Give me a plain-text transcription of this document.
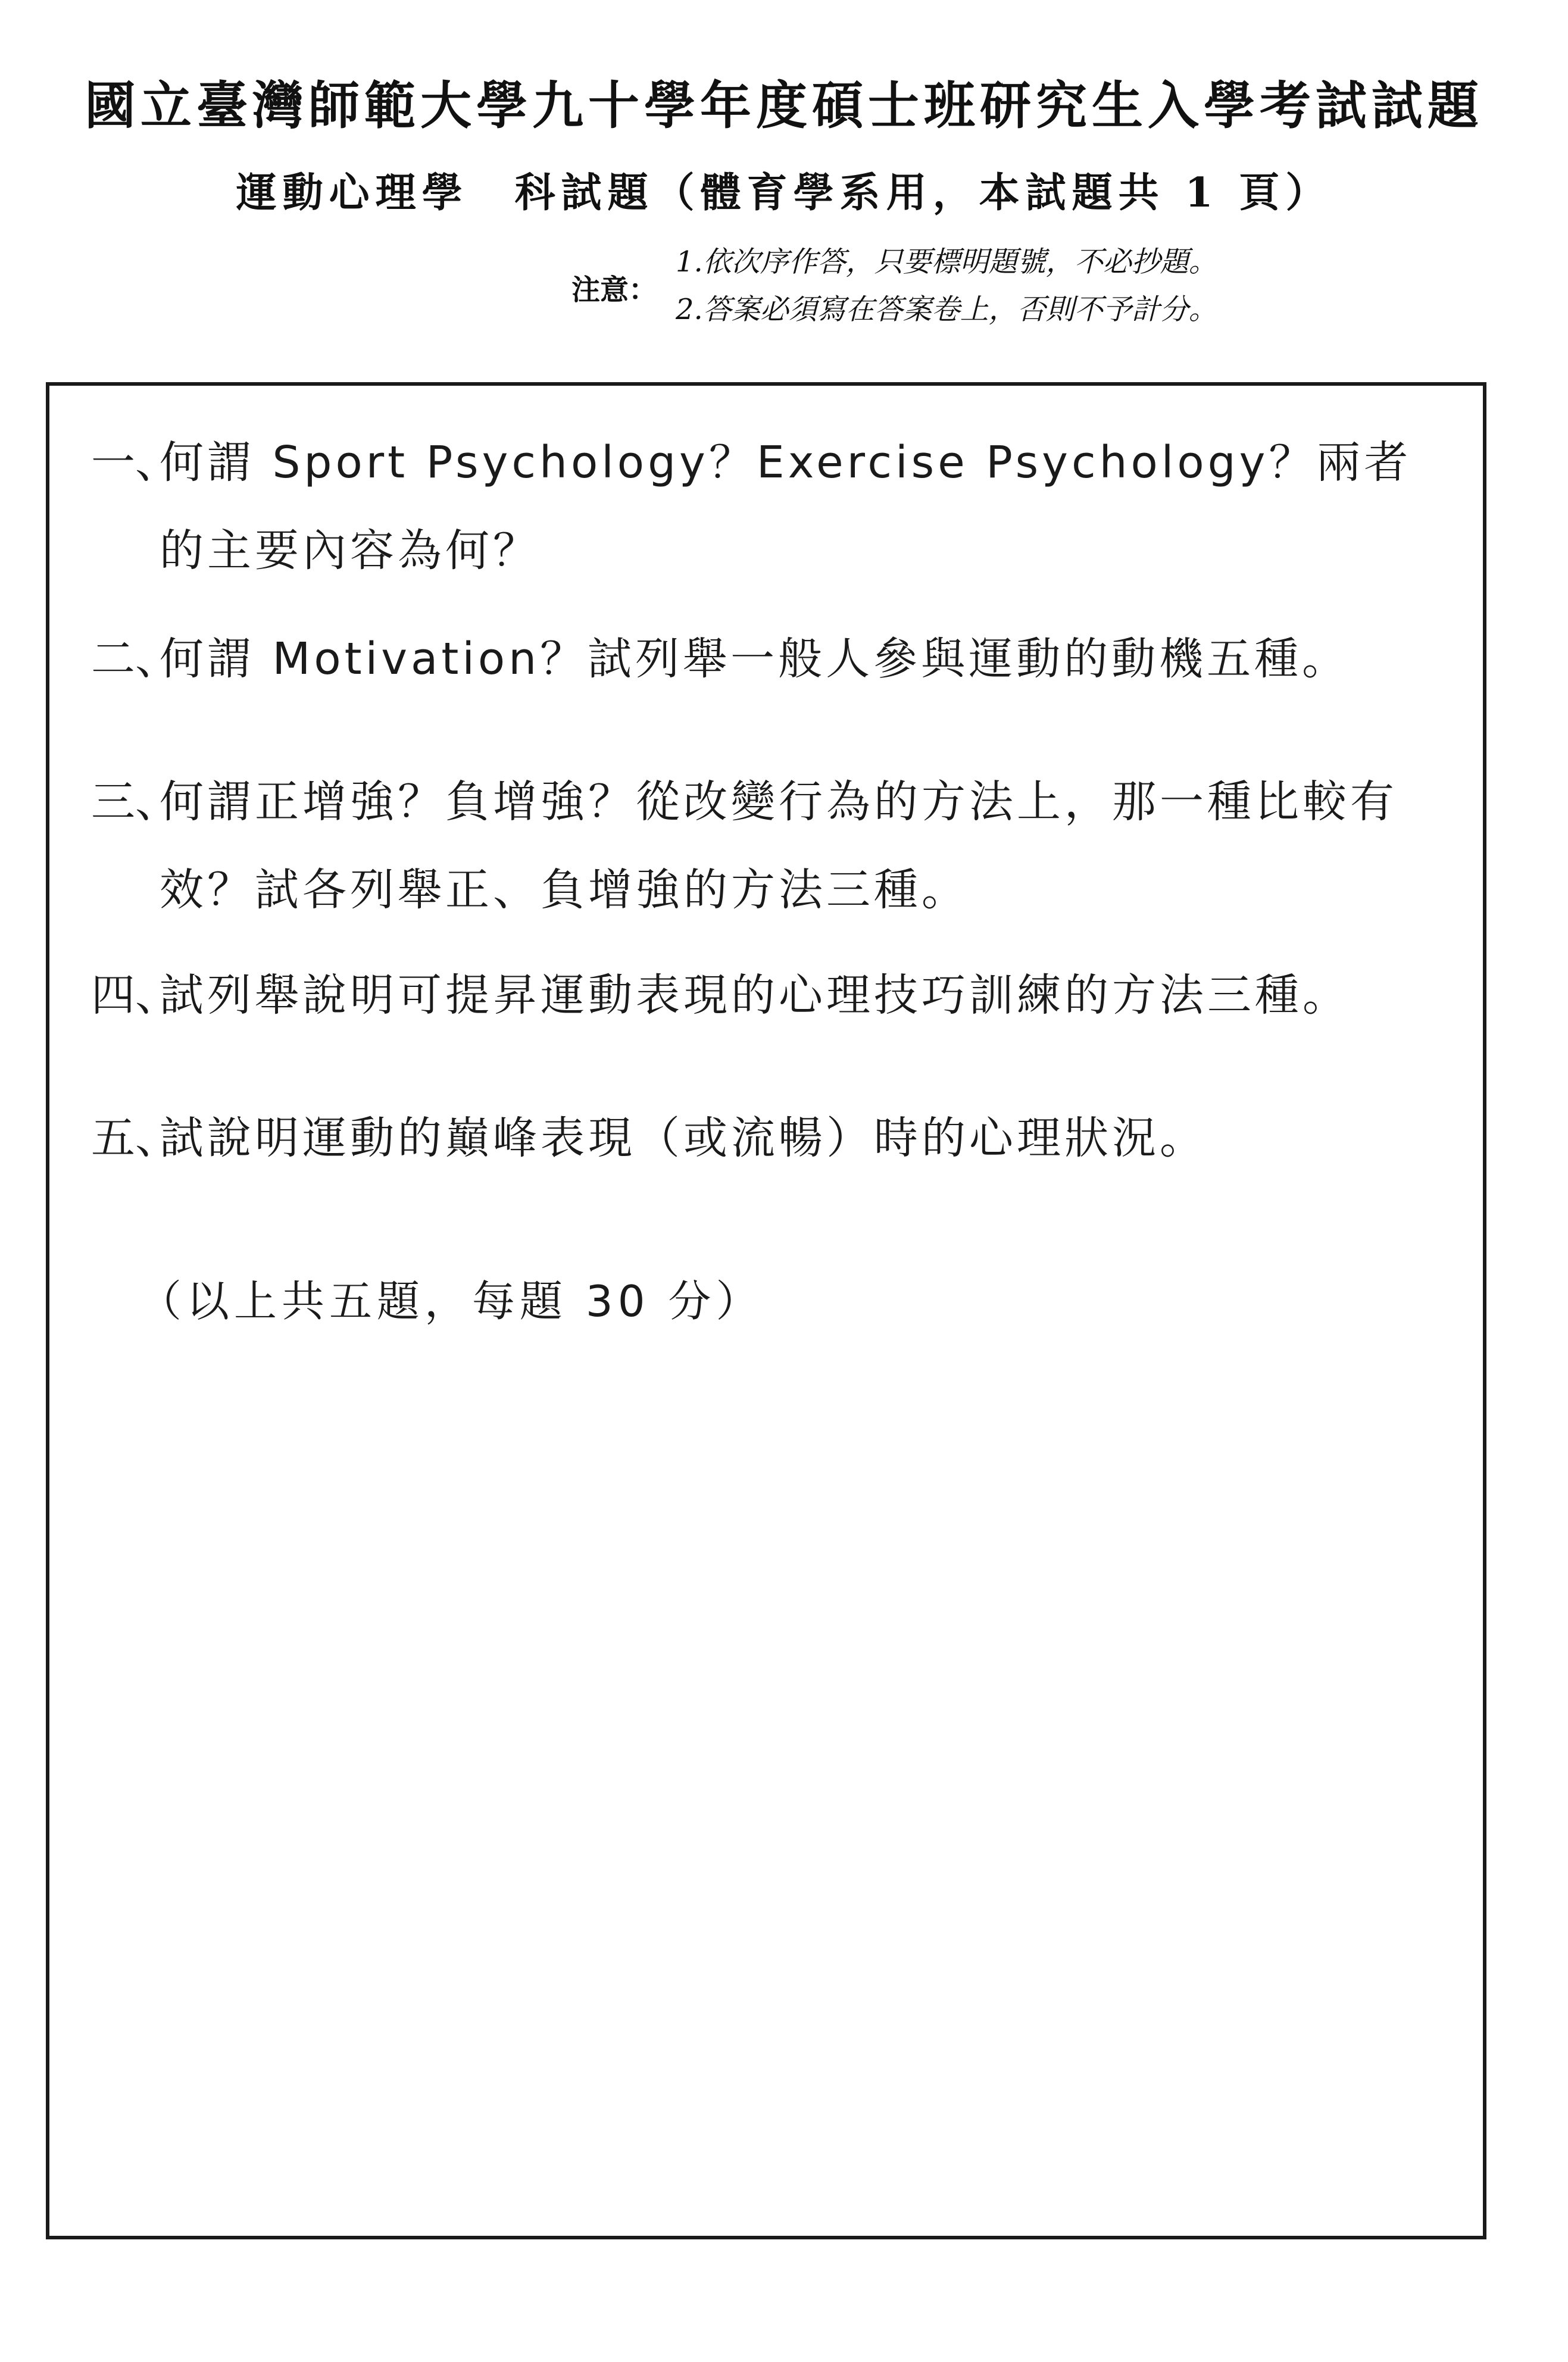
國立臺灣師範大學九十學年度碩士班研究生入學考試試題
運動心理學　科試題（體育學系用，本試題共 1 頁）
注意：
1.依次序作答，只要標明題號，不必抄題。
2.答案必須寫在答案卷上，否則不予計分。
一、何謂 Sport Psychology？Exercise Psychology？兩者的主要內容為何？
二、何謂 Motivation？試列舉一般人參與運動的動機五種。
三、何謂正增強？負增強？從改變行為的方法上，那一種比較有效？試各列舉正、負增強的方法三種。
四、試列舉說明可提昇運動表現的心理技巧訓練的方法三種。
五、試說明運動的巔峰表現（或流暢）時的心理狀況。
（以上共五題，每題 30 分）
